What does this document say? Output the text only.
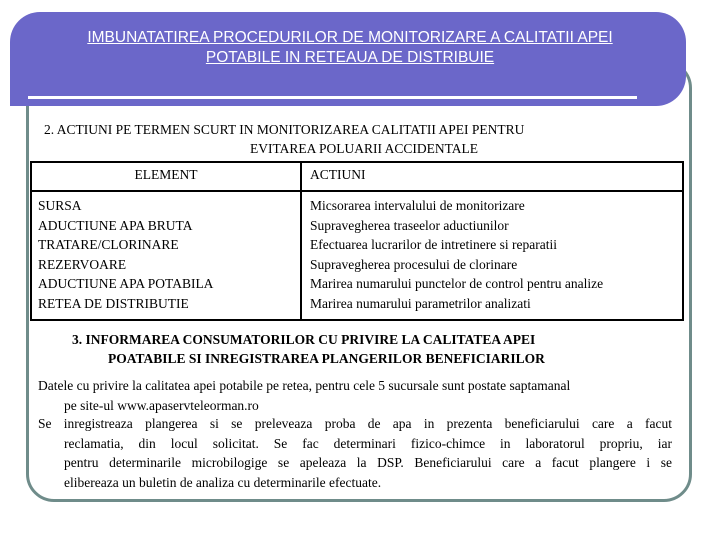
IMBUNATATIREA PROCEDURILOR DE MONITORIZARE A CALITATII APEI
POTABILE IN RETEAUA DE DISTRIBUIE
2. ACTIUNI PE TERMEN SCURT IN MONITORIZAREA CALITATII APEI PENTRU
EVITAREA POLUARII ACCIDENTALE
ELEMENT	ACTIUNI
SURSA
ADUCTIUNE APA BRUTA
TRATARE/CLORINARE
REZERVOARE
ADUCTIUNE APA POTABILA
RETEA DE DISTRIBUTIE
Micsorarea intervalului de monitorizare
Supravegherea traseelor aductiunilor
Efectuarea lucrarilor de intretinere si reparatii
Supravegherea procesului de clorinare
Marirea numarului punctelor de control pentru analize
Marirea numarului parametrilor analizati
3. INFORMAREA CONSUMATORILOR CU PRIVIRE LA CALITATEA APEI
POATABILE SI INREGISTRAREA PLANGERILOR BENEFICIARILOR
Datele cu privire la calitatea apei potabile pe retea, pentru cele 5 sucursale sunt postate saptamanal
pe site-ul www.apaservteleorman.ro
Se inregistreaza plangerea si se preleveaza proba de apa in prezenta beneficiarului care a facut
reclamatia, din locul solicitat. Se fac determinari fizico-chimce in laboratorul propriu, iar
pentru determinarile microbilogige se apeleaza la DSP. Beneficiarului care a facut plangere i se
elibereaza un buletin de analiza cu determinarile efectuate.
